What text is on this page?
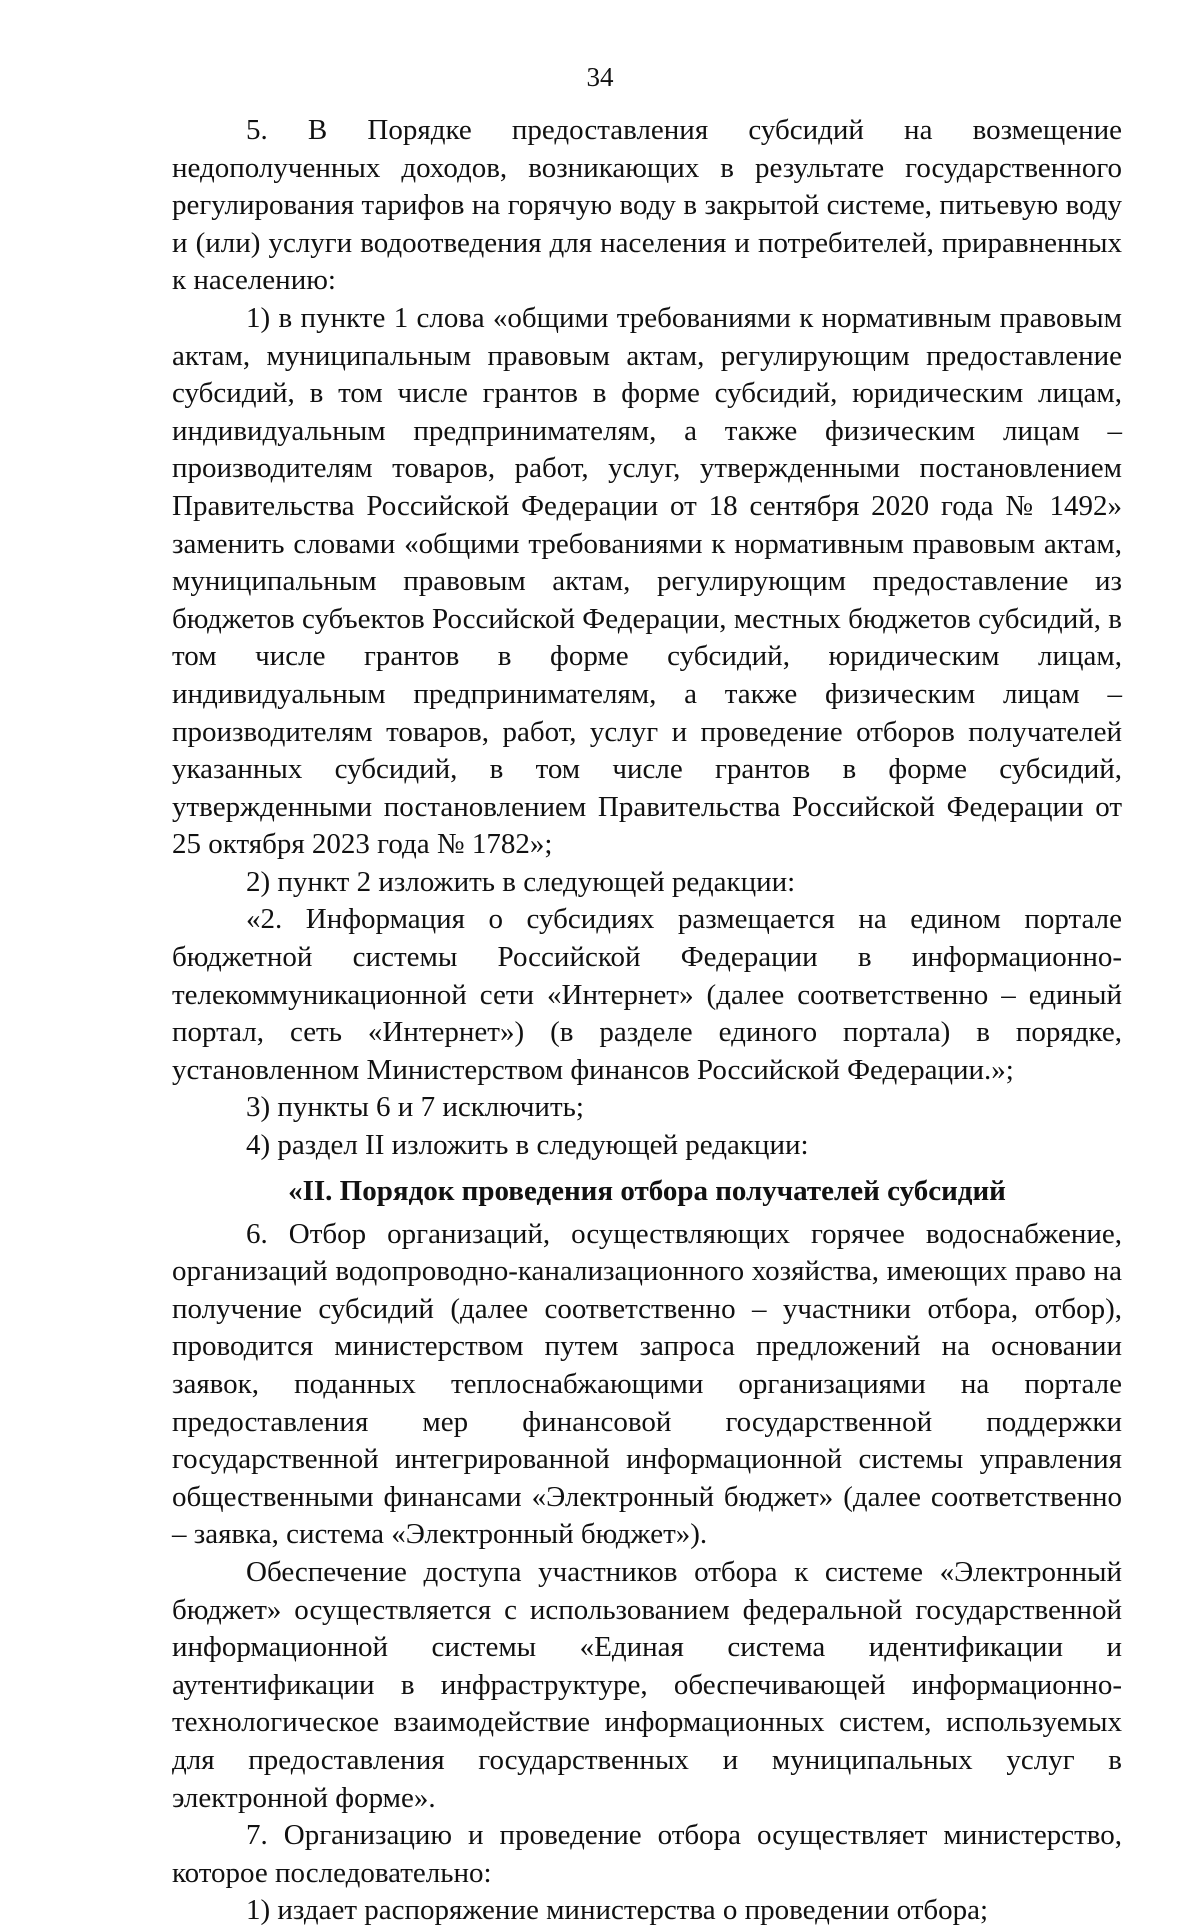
34

5. В Порядке предоставления субсидий на возмещение недополученных доходов, возникающих в результате государственного регулирования тарифов на горячую воду в закрытой системе, питьевую воду и (или) услуги водоотведения для населения и потребителей, приравненных к населению:

1) в пункте 1 слова «общими требованиями к нормативным правовым актам, муниципальным правовым актам, регулирующим предоставление субсидий, в том числе грантов в форме субсидий, юридическим лицам, индивидуальным предпринимателям, а также физическим лицам – производителям товаров, работ, услуг, утвержденными постановлением Правительства Российской Федерации от 18 сентября 2020 года № 1492» заменить словами «общими требованиями к нормативным правовым актам, муниципальным правовым актам, регулирующим предоставление из бюджетов субъектов Российской Федерации, местных бюджетов субсидий, в том числе грантов в форме субсидий, юридическим лицам, индивидуальным предпринимателям, а также физическим лицам – производителям товаров, работ, услуг и проведение отборов получателей указанных субсидий, в том числе грантов в форме субсидий, утвержденными постановлением Правительства Российской Федерации от 25 октября 2023 года № 1782»;

2) пункт 2 изложить в следующей редакции:

«2. Информация о субсидиях размещается на едином портале бюджетной системы Российской Федерации в информационно-телекоммуникационной сети «Интернет» (далее соответственно – единый портал, сеть «Интернет») (в разделе единого портала) в порядке, установленном Министерством финансов Российской Федерации.»;

3) пункты 6 и 7 исключить;

4) раздел II изложить в следующей редакции:

«II. Порядок проведения отбора получателей субсидий

6. Отбор организаций, осуществляющих горячее водоснабжение, организаций водопроводно-канализационного хозяйства, имеющих право на получение субсидий (далее соответственно – участники отбора, отбор), проводится министерством путем запроса предложений на основании заявок, поданных теплоснабжающими организациями на портале предоставления мер финансовой государственной поддержки государственной интегрированной информационной системы управления общественными финансами «Электронный бюджет» (далее соответственно – заявка, система «Электронный бюджет»).

Обеспечение доступа участников отбора к системе «Электронный бюджет» осуществляется с использованием федеральной государственной информационной системы «Единая система идентификации и аутентификации в инфраструктуре, обеспечивающей информационно-технологическое взаимодействие информационных систем, используемых для предоставления государственных и муниципальных услуг в электронной форме».

7. Организацию и проведение отбора осуществляет министерство, которое последовательно:

1) издает распоряжение министерства о проведении отбора;
